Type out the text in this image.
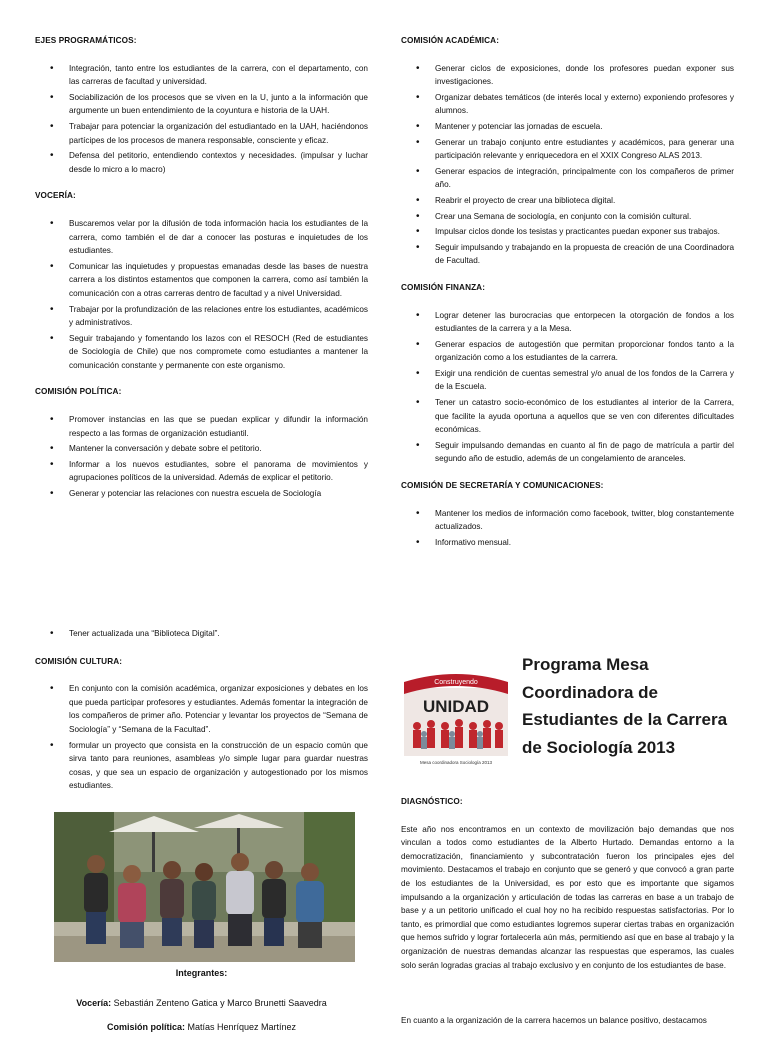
EJES PROGRAMÁTICOS:
• Integración, tanto entre los estudiantes de la carrera, con el departamento, con las carreras de facultad y universidad.
• Sociabilización de los procesos que se viven en la U, junto a la información que argumente un buen entendimiento de la coyuntura e historia de la UAH.
• Trabajar para potenciar la organización del estudiantado en la UAH, haciéndonos partícipes de los procesos de manera responsable, consciente y eficaz.
• Defensa del petitorio, entendiendo contextos y necesidades. (impulsar y luchar desde lo micro a lo macro)
VOCERÍA:
• Buscaremos velar por la difusión de toda información hacia los estudiantes de la carrera, como también el de dar a conocer las posturas e inquietudes de los estudiantes.
• Comunicar las inquietudes y propuestas emanadas desde las bases de nuestra carrera a los distintos estamentos que componen la carrera, como así también la comunicación con a otras carreras dentro de facultad y a nivel Universidad.
• Trabajar por la profundización de las relaciones entre los estudiantes, académicos y administrativos.
• Seguir trabajando y fomentando los lazos con el RESOCH (Red de estudiantes de Sociología de Chile) que nos compromete como estudiantes a mantener la comunicación constante y permanente con este organismo.
COMISIÓN POLÍTICA:
• Promover instancias en las que se puedan explicar y difundir la información respecto a las formas de organización estudiantil.
• Mantener la conversación y debate sobre el petitorio.
• Informar a los nuevos estudiantes, sobre el panorama de movimientos y agrupaciones políticos de la universidad. Además de explicar el petitorio.
• Generar y potenciar las relaciones con nuestra escuela de Sociología
COMISIÓN ACADÉMICA:
• Generar ciclos de exposiciones, donde los profesores puedan exponer sus investigaciones.
• Organizar debates temáticos (de interés local y externo) exponiendo profesores y alumnos.
• Mantener y potenciar las jornadas de escuela.
• Generar un trabajo conjunto entre estudiantes y académicos, para generar una participación relevante y enriquecedora en el XXIX Congreso ALAS 2013.
• Generar espacios de integración, principalmente con los compañeros de primer año.
• Reabrir el proyecto de crear una biblioteca digital.
• Crear una Semana de sociología, en conjunto con la comisión cultural.
• Impulsar ciclos donde los tesistas y practicantes puedan exponer sus trabajos.
• Seguir impulsando y trabajando en la propuesta de creación de una Coordinadora de Facultad.
COMISIÓN FINANZA:
• Lograr detener las burocracias que entorpecen la otorgación de fondos a los estudiantes de la carrera y a la Mesa.
• Generar espacios de autogestión que permitan proporcionar fondos tanto a la organización como a los estudiantes de la carrera.
• Exigir una rendición de cuentas semestral y/o anual de los fondos de la Carrera y de la Escuela.
• Tener un catastro socio-económico de los estudiantes al interior de la Carrera, que facilite la ayuda oportuna a aquellos que se ven con diferentes dificultades económicas.
• Seguir impulsando demandas en cuanto al fin de pago de matrícula a partir del segundo año de estudio, además de un congelamiento de aranceles.
COMISIÓN DE SECRETARÍA Y COMUNICACIONES:
• Mantener los medios de información como facebook, twitter, blog constantemente actualizados.
• Informativo mensual.
• Tener actualizada una “Biblioteca Digital”.
COMISIÓN CULTURA:
• En conjunto con la comisión académica, organizar exposiciones y debates en los que pueda participar profesores y estudiantes. Además fomentar la integración de los compañeros de primer año. Potenciar y levantar los proyectos de “Semana de Sociología” y “Semana de la Facultad”.
• formular un proyecto que consista en la construcción de un espacio común que sirva tanto para reuniones, asambleas y/o simple lugar para guardar nuestras cosas, y que sea un espacio de organización y autogestionado por los mismos estudiantes.
Integrantes:
Vocería: Sebastián Zenteno Gatica y Marco Brunetti Saavedra
Comisión política: Matías Henríquez Martínez
Construyendo
UNIDAD
Mesa coordinadora Sociología 2013
Programa Mesa Coordinadora de Estudiantes de la Carrera de Sociología 2013
DIAGNÓSTICO:

Este año nos encontramos en un contexto de movilización bajo demandas que nos vinculan a todos como estudiantes de la Alberto Hurtado. Demandas entorno a la democratización, financiamiento y subcontratación fueron los principales ejes del movimiento. Destacamos el trabajo en conjunto que se generó y que convocó a gran parte de los estudiantes de la Universidad, es por esto que es importante que sigamos impulsando a la organización y articulación de todas las carreras en base a un trabajo de base y a un petitorio unificado el cual hoy no ha recibido respuestas satisfactorias. Por lo tanto, es primordial que como estudiantes logremos superar ciertas trabas en organización que hemos sufrido y lograr fortalecerla aún más, permitiendo así que en base al trabajo y la organización de nuestras demandas alcanzar las respuestas que esperamos, las cuales solo serán logradas gracias al trabajo exclusivo y en conjunto de los estudiantes de base.

En cuanto a la organización de la carrera hacemos un balance positivo, destacamos
